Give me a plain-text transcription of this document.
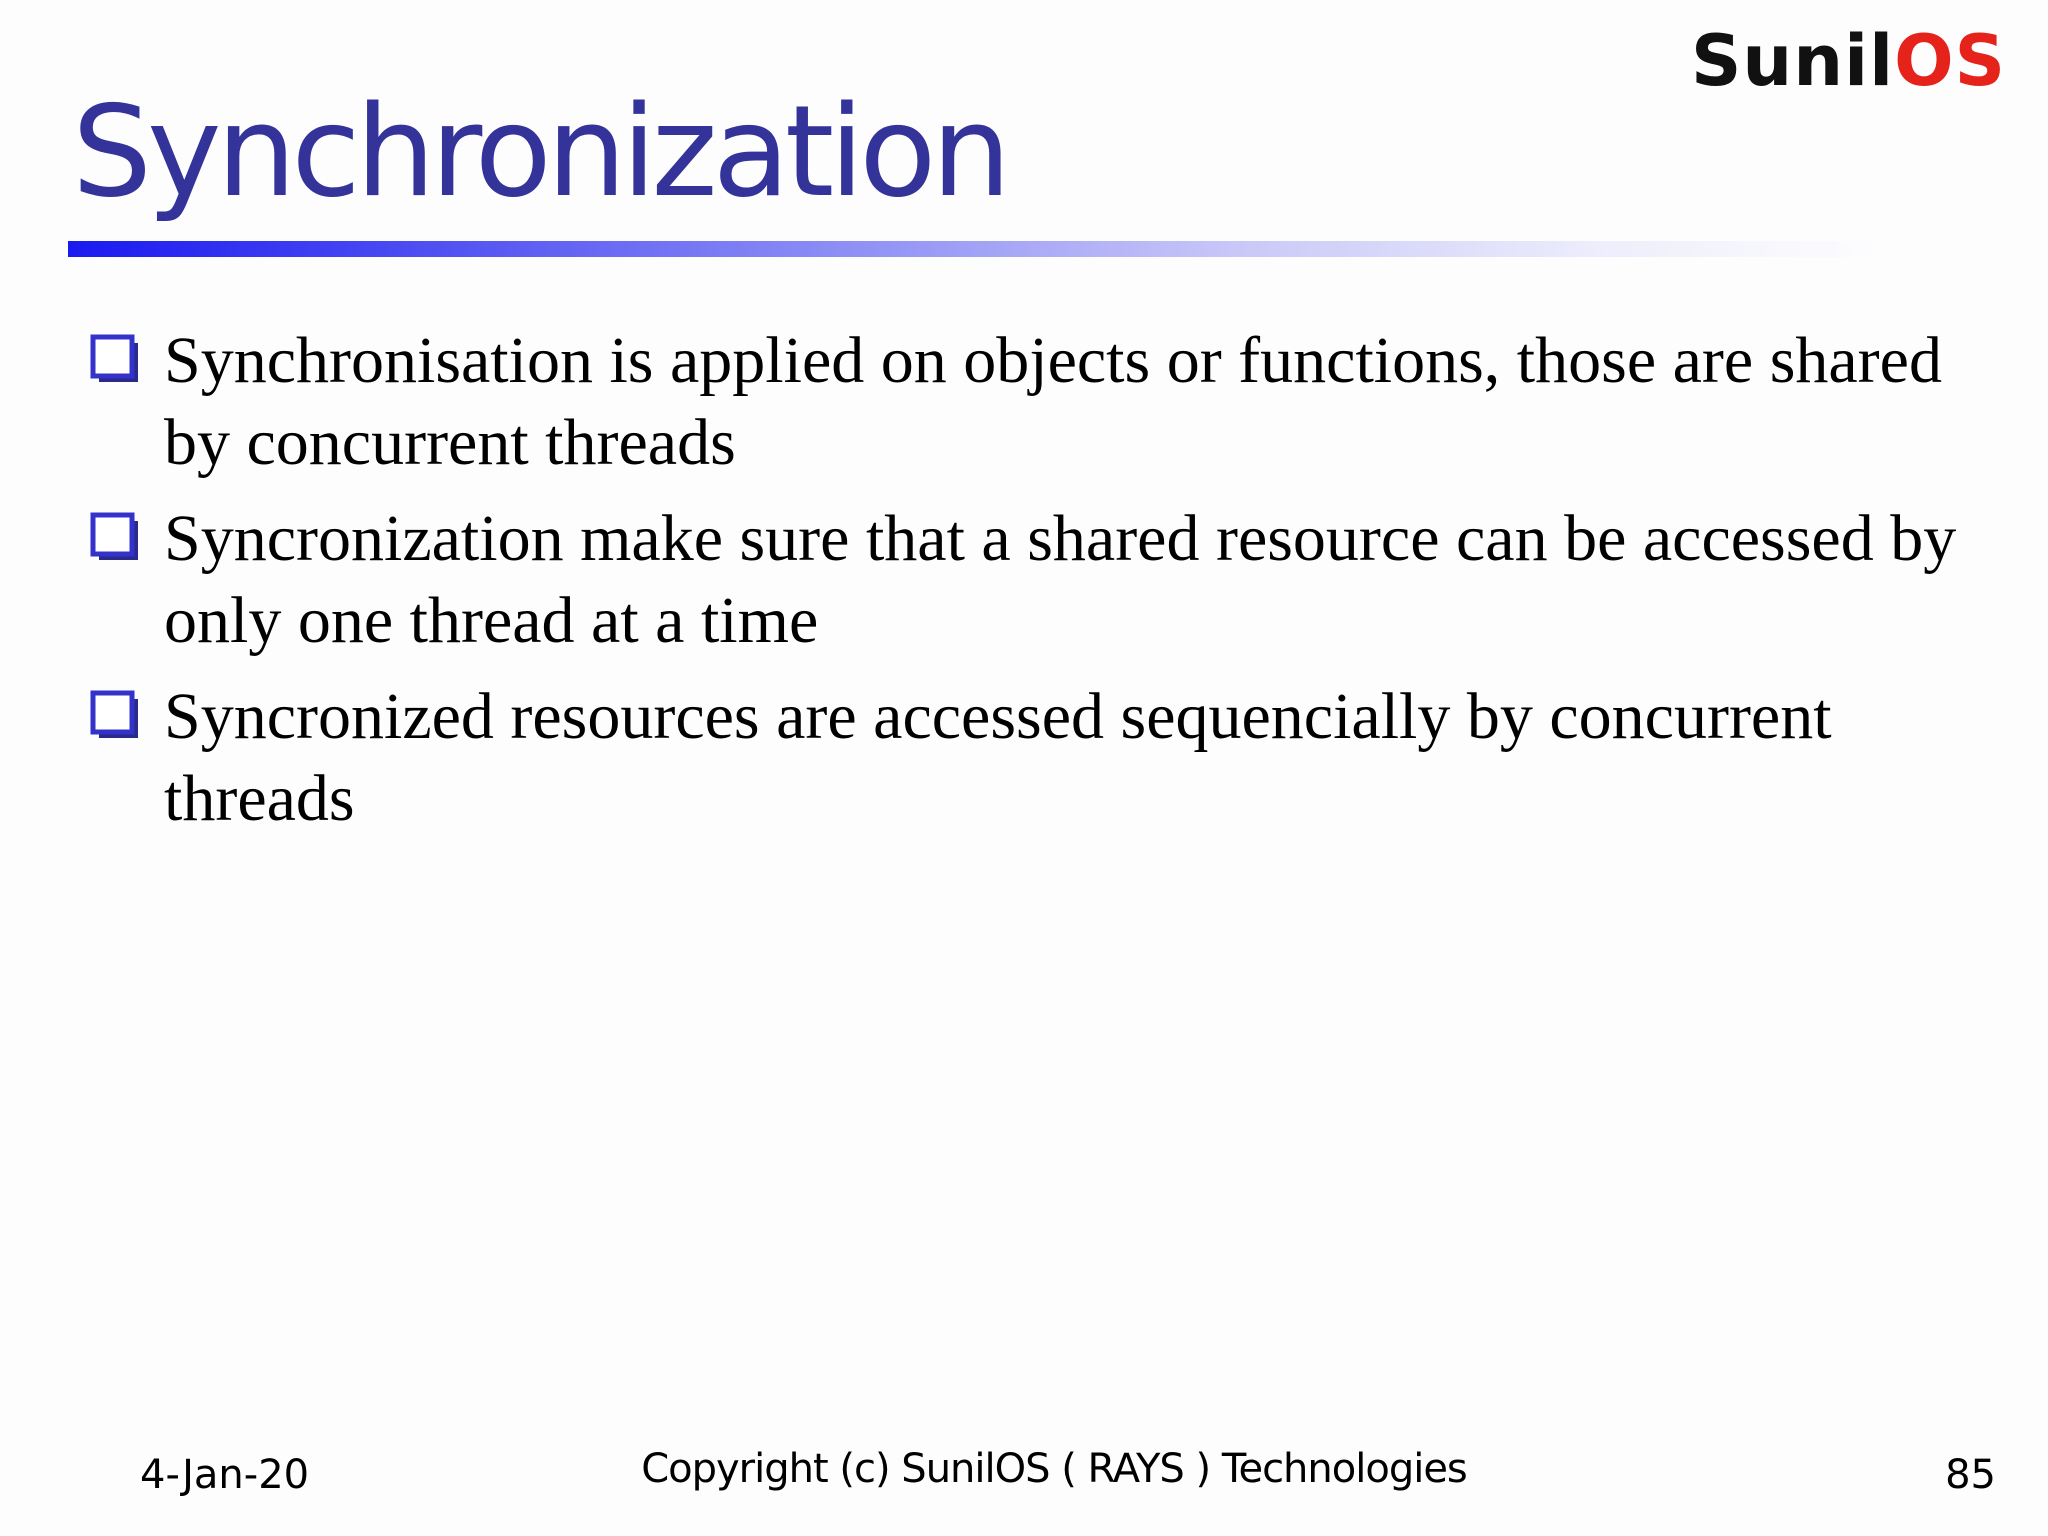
SunilOS
Synchronization
Synchronisation is applied on objects or functions, those are shared by concurrent threads
Syncronization make sure that a shared resource can be accessed by only one thread at a time
Syncronized resources are accessed sequencially by concurrent threads
4-Jan-20	Copyright (c) SunilOS ( RAYS ) Technologies	85
